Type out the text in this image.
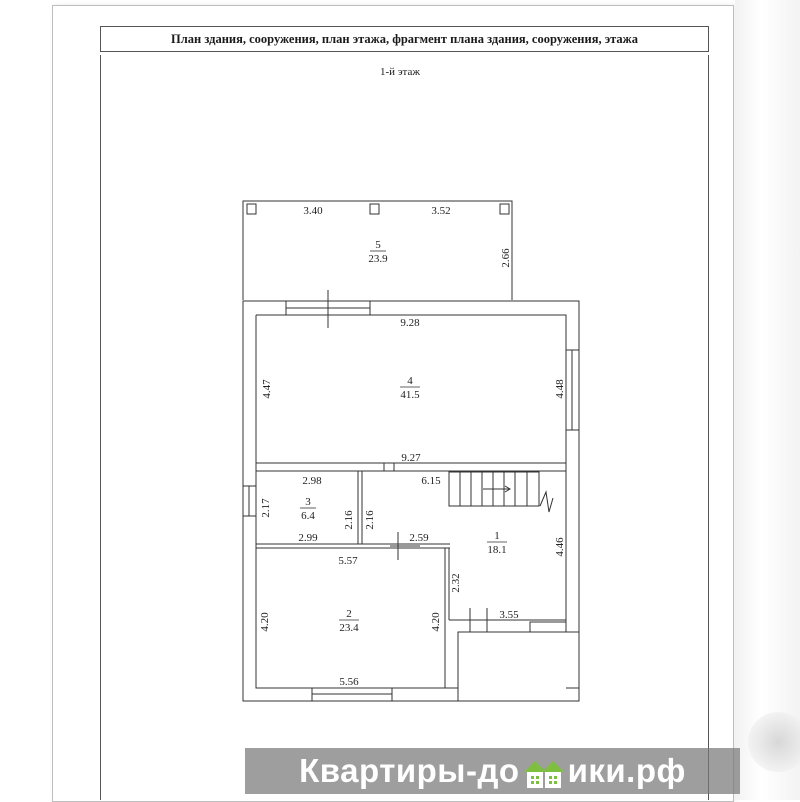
План здания, сооружения, план этажа, фрагмент плана здания, сооружения, этажа
1-й этаж
5
23.9
4
41.5
3
6.4
1
18.1
2
23.4
3.40	3.52
9.28
9.27
2.98	6.15
2.99	2.59
5.57
3.55
5.56
2.66
4.47	4.48
2.17
2.16 2.16
4.46
2.32
4.20	4.20
Квартиры-до ики.рф
